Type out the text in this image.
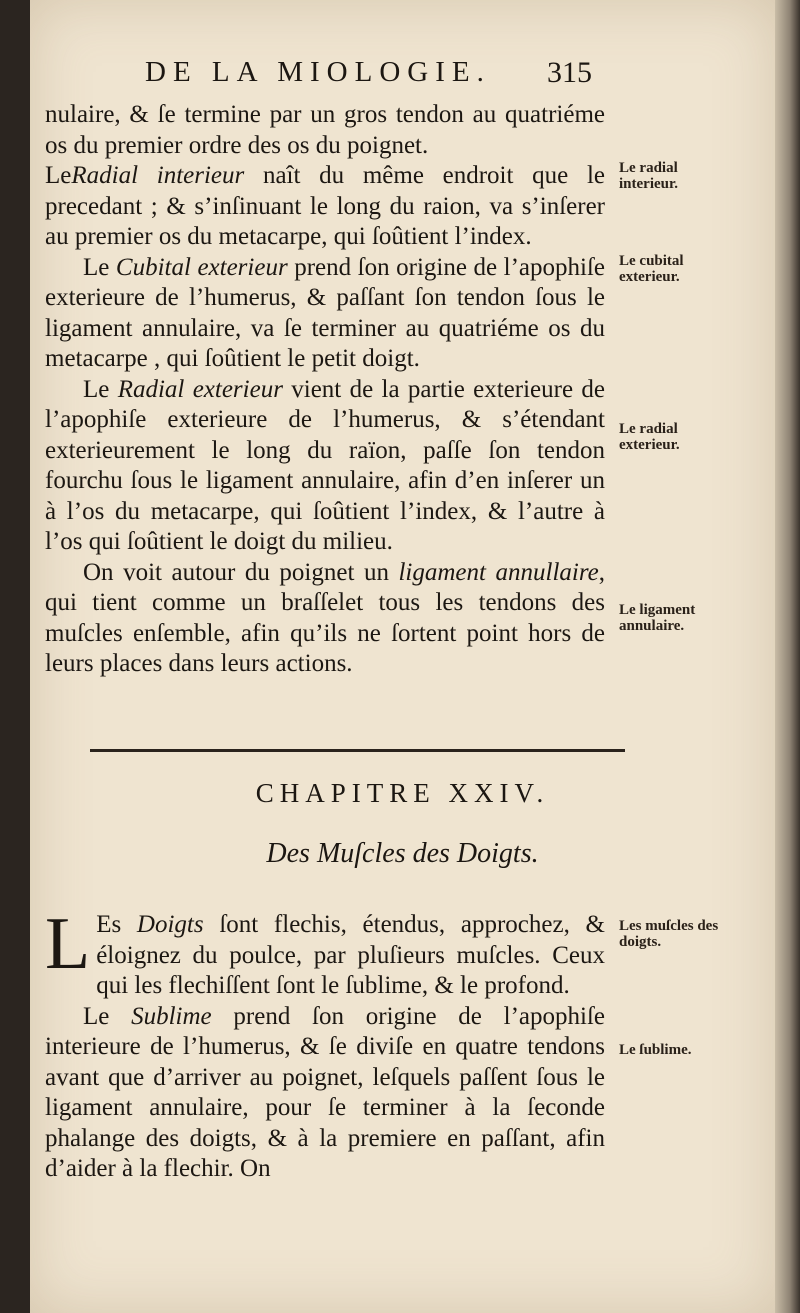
DE LA MIOLOGIE. 315

nulaire, & ſe termine par un gros tendon au quatriéme os du premier ordre des os du poignet.

LeRadial interieur naît du même endroit que le precedant ; & s’inſinuant le long du raion, va s’inſerer au premier os du metacarpe, qui ſoûtient l’index.

Le Cubital exterieur prend ſon origine de l’apophiſe exterieure de l’humerus, & paſſant ſon tendon ſous le ligament annulaire, va ſe terminer au quatriéme os du metacarpe , qui ſoûtient le petit doigt.

Le Radial exterieur vient de la partie exterieure de l’apophiſe exterieure de l’humerus, & s’étendant exterieurement le long du raïon, paſſe ſon tendon fourchu ſous le ligament annulaire, afin d’en inſerer un à l’os du metacarpe, qui ſoûtient l’index, & l’autre à l’os qui ſoûtient le doigt du milieu.

On voit autour du poignet un ligament annullaire, qui tient comme un braſſelet tous les tendons des muſcles enſemble, afin qu’ils ne ſortent point hors de leurs places dans leurs actions.

Le radial interieur.
Le cubital exterieur.
Le radial exterieur.
Le ligament annulaire.
CHAPITRE XXIV.
Des Muſcles des Doigts.

L Es Doigts ſont flechis, étendus, approchez, & éloignez du poulce, par pluſieurs muſcles. Ceux qui les flechiſſent ſont le ſublime, & le profond.

Le Sublime prend ſon origine de l’apophiſe interieure de l’humerus, & ſe diviſe en quatre tendons avant que d’arriver au poignet, leſquels paſſent ſous le ligament annulaire, pour ſe terminer à la ſeconde phalange des doigts, & à la premiere en paſſant, afin d’aider à la flechir. On

Les muſcles des doigts.
Le ſublime.
